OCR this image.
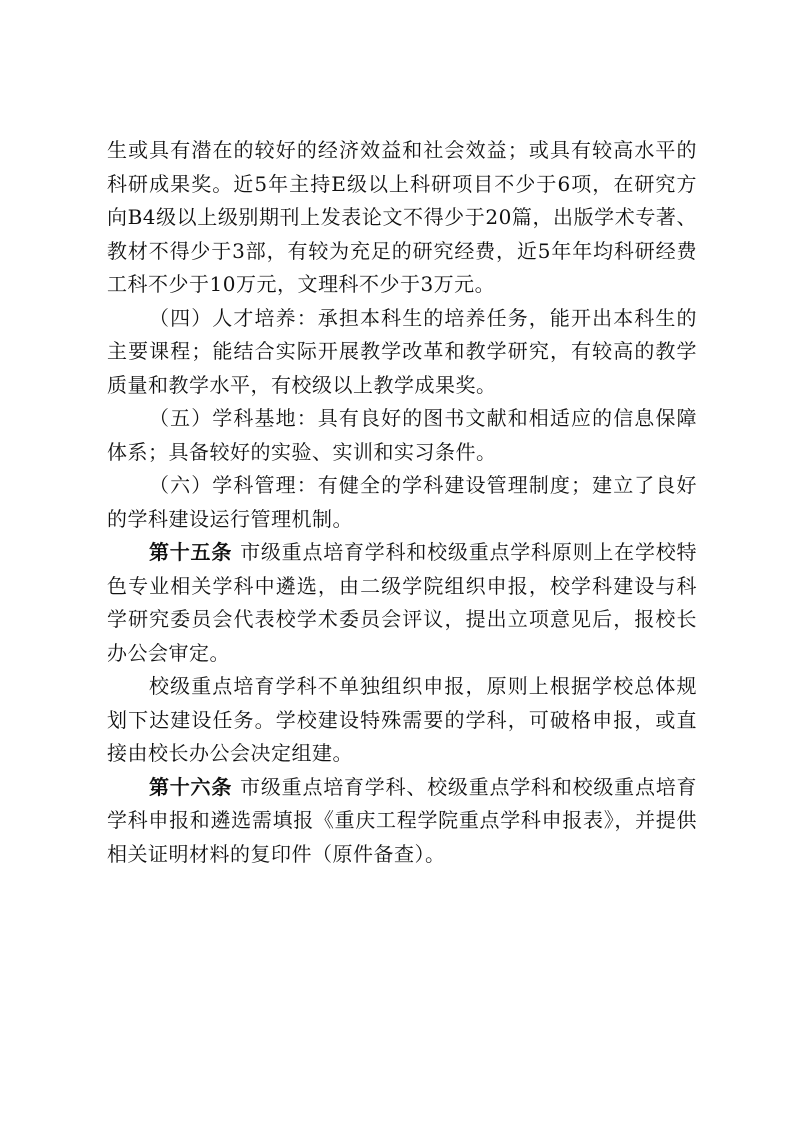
生或具有潜在的较好的经济效益和社会效益；或具有较高水平的科研成果奖。近5年主持E级以上科研项目不少于6项，在研究方向B4级以上级别期刊上发表论文不得少于20篇，出版学术专著、教材不得少于3部，有较为充足的研究经费，近5年年均科研经费工科不少于10万元，文理科不少于3万元。

（四）人才培养：承担本科生的培养任务，能开出本科生的主要课程；能结合实际开展教学改革和教学研究，有较高的教学质量和教学水平，有校级以上教学成果奖。

（五）学科基地：具有良好的图书文献和相适应的信息保障体系；具备较好的实验、实训和实习条件。

（六）学科管理：有健全的学科建设管理制度；建立了良好的学科建设运行管理机制。

第十五条 市级重点培育学科和校级重点学科原则上在学校特色专业相关学科中遴选，由二级学院组织申报，校学科建设与科学研究委员会代表校学术委员会评议，提出立项意见后，报校长办公会审定。

校级重点培育学科不单独组织申报，原则上根据学校总体规划下达建设任务。学校建设特殊需要的学科，可破格申报，或直接由校长办公会决定组建。

第十六条 市级重点培育学科、校级重点学科和校级重点培育学科申报和遴选需填报《重庆工程学院重点学科申报表》，并提供相关证明材料的复印件（原件备查）。
